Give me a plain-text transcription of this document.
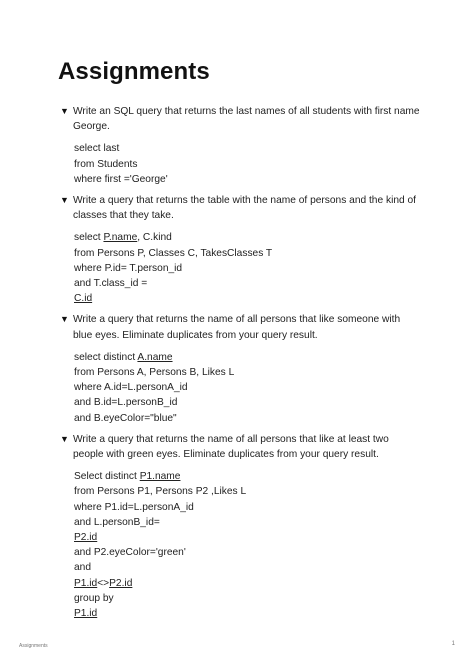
Assignments
▼ Write an SQL query that returns the last names of all students with first name George.
select last
from Students
where first ='George'
▼ Write a query that returns the table with the name of persons and the kind of classes that they take.
select P.name, C.kind
from Persons P, Classes C, TakesClasses T
where P.id= T.person_id
and T.class_id =
C.id
▼ Write a query that returns the name of all persons that like someone with blue eyes. Eliminate duplicates from your query result.
select distinct A.name
from Persons A, Persons B, Likes L
where A.id=L.personA_id
and B.id=L.personB_id
and B.eyeColor="blue"
▼ Write a query that returns the name of all persons that like at least two people with green eyes. Eliminate duplicates from your query result.
Select distinct P1.name
from Persons P1, Persons P2 ,Likes L
where P1.id=L.personA_id
and L.personB_id=
P2.id
and P2.eyeColor='green'
and
P1.id<>P2.id
group by
P1.id
Assignments	1
